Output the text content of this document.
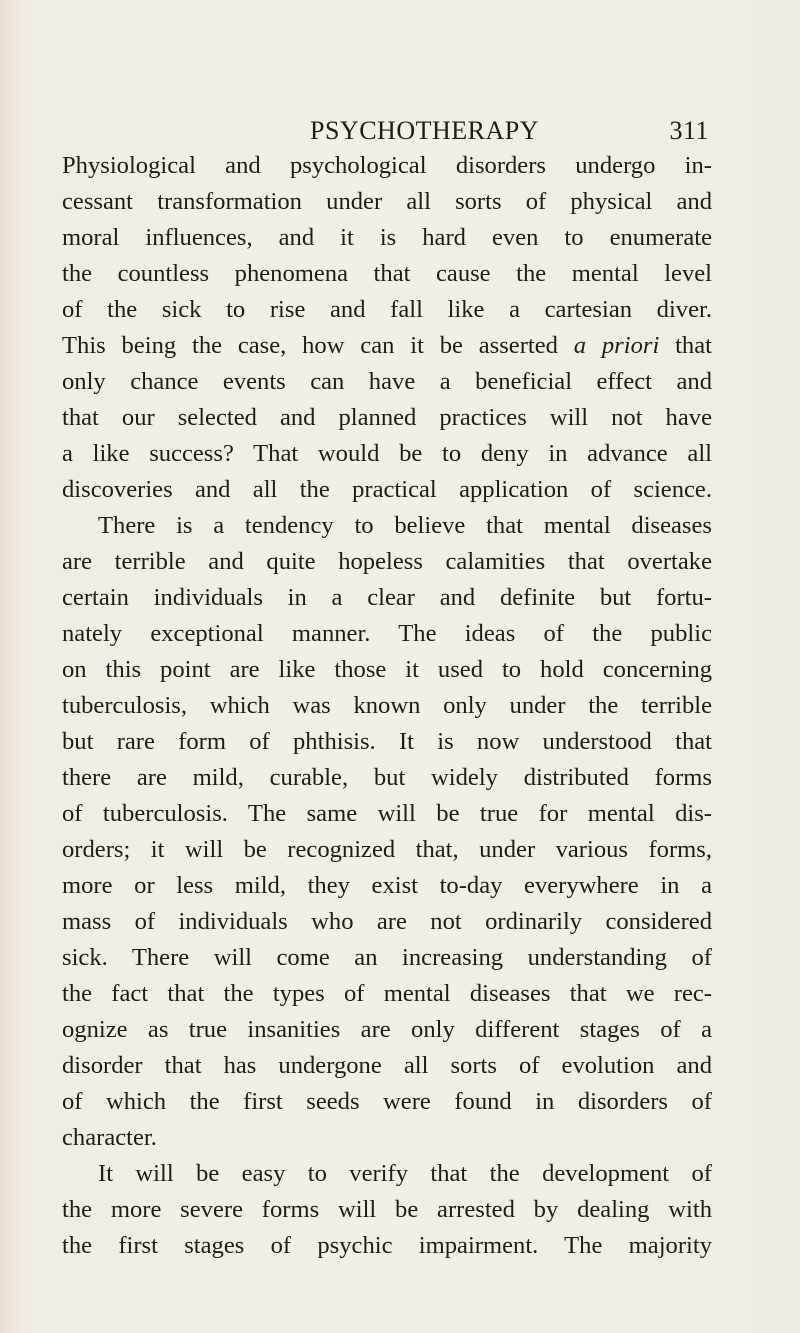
PSYCHOTHERAPY	311
Physiological and psychological disorders undergo in-
cessant transformation under all sorts of physical and
moral influences, and it is hard even to enumerate
the countless phenomena that cause the mental level
of the sick to rise and fall like a cartesian diver.
This being the case, how can it be asserted a priori that
only chance events can have a beneficial effect and
that our selected and planned practices will not have
a like success? That would be to deny in advance all
discoveries and all the practical application of science.
There is a tendency to believe that mental diseases
are terrible and quite hopeless calamities that overtake
certain individuals in a clear and definite but fortu-
nately exceptional manner. The ideas of the public
on this point are like those it used to hold concerning
tuberculosis, which was known only under the terrible
but rare form of phthisis. It is now understood that
there are mild, curable, but widely distributed forms
of tuberculosis. The same will be true for mental dis-
orders; it will be recognized that, under various forms,
more or less mild, they exist to-day everywhere in a
mass of individuals who are not ordinarily considered
sick. There will come an increasing understanding of
the fact that the types of mental diseases that we rec-
ognize as true insanities are only different stages of a
disorder that has undergone all sorts of evolution and
of which the first seeds were found in disorders of
character.
It will be easy to verify that the development of
the more severe forms will be arrested by dealing with
the first stages of psychic impairment. The majority
